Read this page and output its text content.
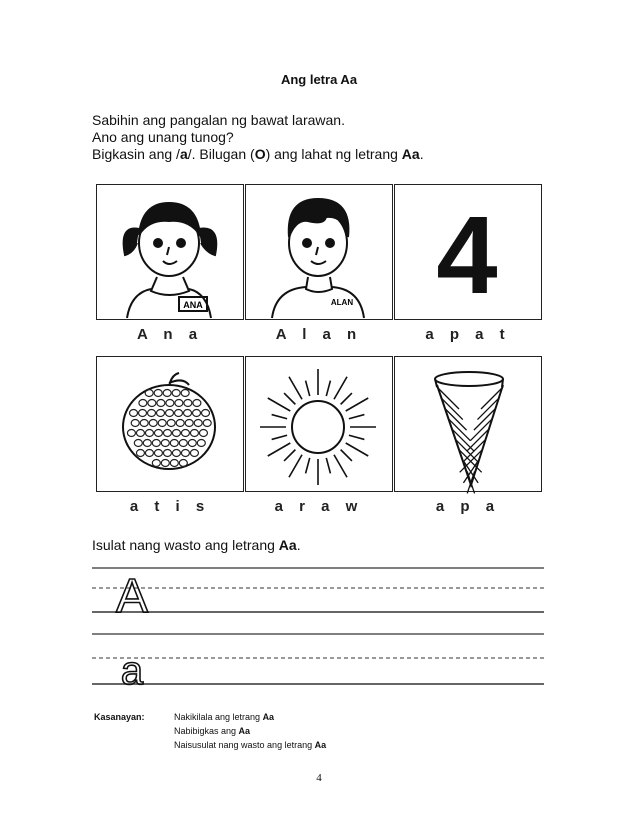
Ang letra Aa
Sabihin ang pangalan ng bawat larawan.
Ano ang unang tunog?
Bigkasin ang /a/. Bilugan (O) ang lahat ng letrang Aa.
ANA	ALAN 4
A n a	A l a n	a p a t
a t i s	a r a w	a p a
Isulat nang wasto ang letrang Aa.
A
a
Kasanayan:	Nakikilala ang letrang Aa
Nabibigkas ang Aa
Naisusulat nang wasto ang letrang Aa
4
